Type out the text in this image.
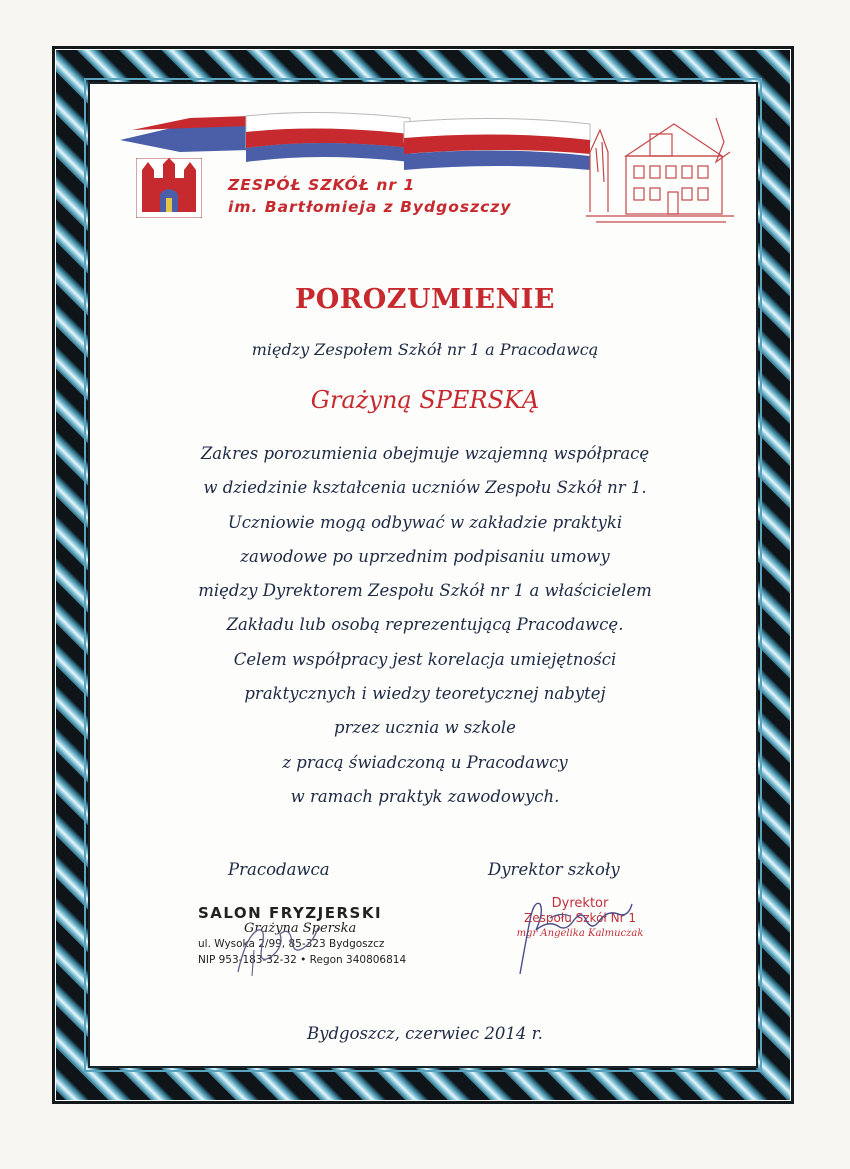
ZESPÓŁ SZKÓŁ nr 1
im. Bartłomieja z Bydgoszczy
POROZUMIENIE

między Zespołem Szkół nr 1 a Pracodawcą

Grażyną SPERSKĄ

Zakres porozumienia obejmuje wzajemną współpracę
w dziedzinie kształcenia uczniów Zespołu Szkół nr 1.
Uczniowie mogą odbywać w zakładzie praktyki
zawodowe po uprzednim podpisaniu umowy
między Dyrektorem Zespołu Szkół nr 1 a właścicielem
Zakładu lub osobą reprezentującą Pracodawcę.
Celem współpracy jest korelacja umiejętności
praktycznych i wiedzy teoretycznej nabytej
przez ucznia w szkole
z pracą świadczoną u Pracodawcy
w ramach praktyk zawodowych.

Pracodawca	Dyrektor szkoły

SALON FRYZJERSKI
Grażyna Sperska
ul. Wysoka 2/99, 85-323 Bydgoszcz
NIP 953-183-32-32 • Regon 340806814
Dyrektor
Zespołu Szkół Nr 1
mgr Angelika Kalmuczak

Bydgoszcz, czerwiec 2014 r.
